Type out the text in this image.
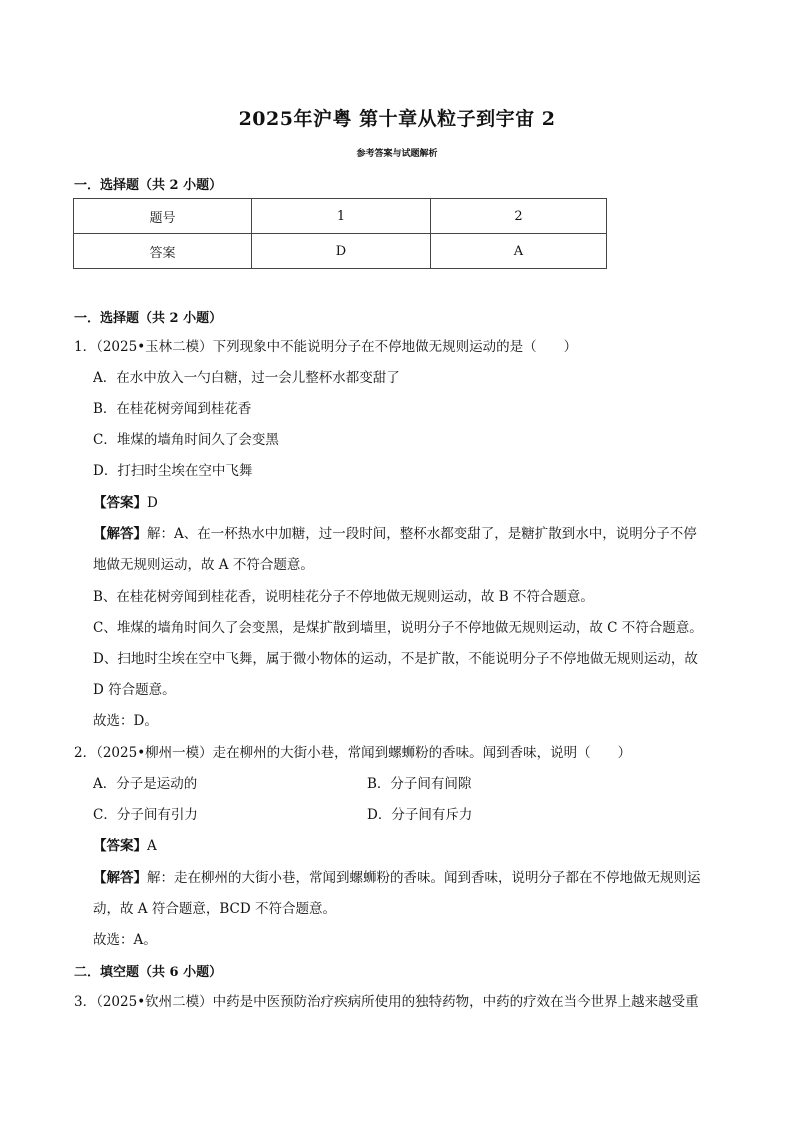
2025年沪粤 第十章从粒子到宇宙 2
参考答案与试题解析
一．选择题（共 2 小题）
题号	1	2
答案	D	A
一．选择题（共 2 小题）
1．（2025•玉林二模）下列现象中不能说明分子在不停地做无规则运动的是（　　）
A．在水中放入一勺白糖，过一会儿整杯水都变甜了
B．在桂花树旁闻到桂花香
C．堆煤的墙角时间久了会变黑
D．打扫时尘埃在空中飞舞
【答案】D
【解答】解：A、在一杯热水中加糖，过一段时间，整杯水都变甜了，是糖扩散到水中，说明分子不停
地做无规则运动，故 A 不符合题意。
B、在桂花树旁闻到桂花香，说明桂花分子不停地做无规则运动，故 B 不符合题意。
C、堆煤的墙角时间久了会变黑，是煤扩散到墙里，说明分子不停地做无规则运动，故 C 不符合题意。
D、扫地时尘埃在空中飞舞，属于微小物体的运动，不是扩散，不能说明分子不停地做无规则运动，故
D 符合题意。
故选：D。
2．（2025•柳州一模）走在柳州的大街小巷，常闻到螺蛳粉的香味。闻到香味，说明（　　）
A．分子是运动的	B．分子间有间隙
C．分子间有引力	D．分子间有斥力
【答案】A
【解答】解：走在柳州的大街小巷，常闻到螺蛳粉的香味。闻到香味，说明分子都在不停地做无规则运
动，故 A 符合题意，BCD 不符合题意。
故选：A。
二．填空题（共 6 小题）
3．（2025•钦州二模）中药是中医预防治疗疾病所使用的独特药物，中药的疗效在当今世界上越来越受重
